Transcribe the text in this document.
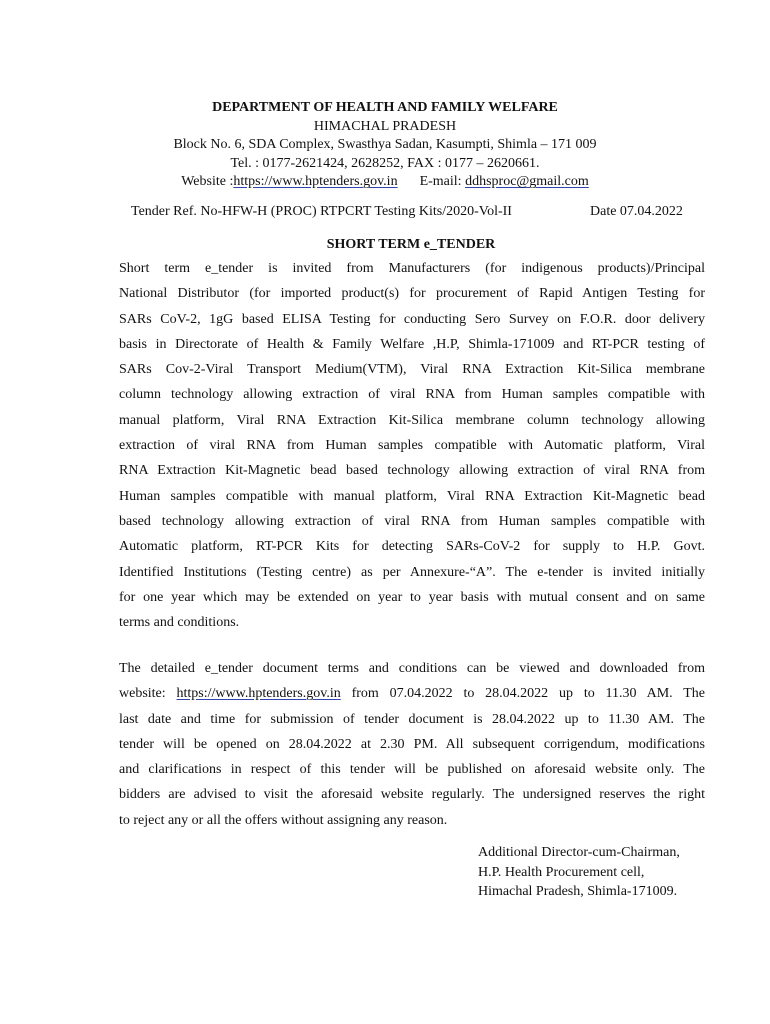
DEPARTMENT OF HEALTH AND FAMILY WELFARE
HIMACHAL PRADESH
Block No. 6, SDA Complex, Swasthya Sadan, Kasumpti, Shimla – 171 009
Tel. : 0177-2621424, 2628252, FAX : 0177 – 2620661.
Website :https://www.hptenders.gov.in E-mail: ddhsproc@gmail.com
Tender Ref. No-HFW-H (PROC) RTPCRT Testing Kits/2020-Vol-II	Date 07.04.2022
SHORT TERM e_TENDER
Short term e_tender is invited from Manufacturers (for indigenous products)/Principal
National Distributor (for imported product(s) for procurement of Rapid Antigen Testing for
SARs CoV-2, 1gG based ELISA Testing for conducting Sero Survey on F.O.R. door delivery
basis in Directorate of Health & Family Welfare ,H.P, Shimla-171009 and RT-PCR testing of
SARs Cov-2-Viral Transport Medium(VTM), Viral RNA Extraction Kit-Silica membrane
column technology allowing extraction of viral RNA from Human samples compatible with
manual platform, Viral RNA Extraction Kit-Silica membrane column technology allowing
extraction of viral RNA from Human samples compatible with Automatic platform, Viral
RNA Extraction Kit-Magnetic bead based technology allowing extraction of viral RNA from
Human samples compatible with manual platform, Viral RNA Extraction Kit-Magnetic bead
based technology allowing extraction of viral RNA from Human samples compatible with
Automatic platform, RT-PCR Kits for detecting SARs-CoV-2 for supply to H.P. Govt.
Identified Institutions (Testing centre) as per Annexure-“A”. The e-tender is invited initially
for one year which may be extended on year to year basis with mutual consent and on same
terms and conditions.
The detailed e_tender document terms and conditions can be viewed and downloaded from
website: https://www.hptenders.gov.in from 07.04.2022 to 28.04.2022 up to 11.30 AM. The
last date and time for submission of tender document is 28.04.2022 up to 11.30 AM. The
tender will be opened on 28.04.2022 at 2.30 PM. All subsequent corrigendum, modifications
and clarifications in respect of this tender will be published on aforesaid website only. The
bidders are advised to visit the aforesaid website regularly. The undersigned reserves the right
to reject any or all the offers without assigning any reason.
Additional Director-cum-Chairman,
H.P. Health Procurement cell,
Himachal Pradesh, Shimla-171009.
